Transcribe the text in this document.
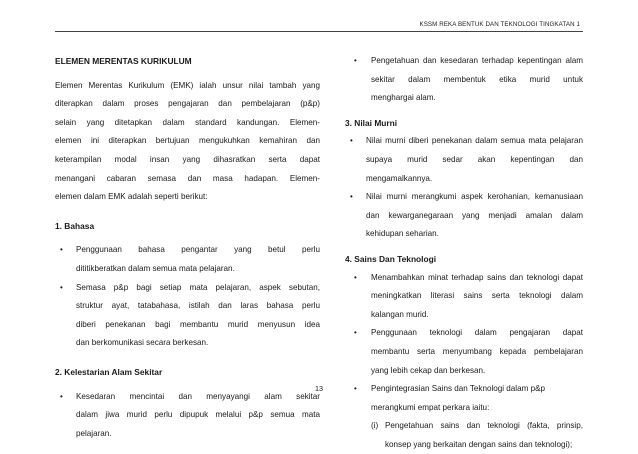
KSSM REKA BENTUK DAN TEKNOLOGI TINGKATAN 1
ELEMEN MERENTAS KURIKULUM
Elemen Merentas Kurikulum (EMK) ialah unsur nilai tambah yang
diterapkan dalam proses pengajaran dan pembelajaran (p&p)
selain yang ditetapkan dalam standard kandungan. Elemen-
elemen ini diterapkan bertujuan mengukuhkan kemahiran dan
keterampilan modal insan yang dihasratkan serta dapat
menangani cabaran semasa dan masa hadapan. Elemen-
elemen dalam EMK adalah seperti berikut:
1. Bahasa
• Penggunaan bahasa pengantar yang betul perlu
dititikberatkan dalam semua mata pelajaran.
• Semasa p&p bagi setiap mata pelajaran, aspek sebutan,
struktur ayat, tatabahasa, istilah dan laras bahasa perlu
diberi penekanan bagi membantu murid menyusun idea
dan berkomunikasi secara berkesan.
2. Kelestarian Alam Sekitar
• Kesedaran mencintai dan menyayangi alam sekitar
dalam jiwa murid perlu dipupuk melalui p&p semua mata
pelajaran.
• Pengetahuan dan kesedaran terhadap kepentingan alam
sekitar dalam membentuk etika murid untuk
menghargai alam.
3. Nilai Murni
• Nilai murni diberi penekanan dalam semua mata pelajaran
supaya murid sedar akan kepentingan dan
mengamalkannya.
• Nilai murni merangkumi aspek kerohanian, kemanusiaan
dan kewarganegaraan yang menjadi amalan dalam
kehidupan seharian.
4. Sains Dan Teknologi
• Menambahkan minat terhadap sains dan teknologi dapat
meningkatkan literasi sains serta teknologi dalam
kalangan murid.
• Penggunaan teknologi dalam pengajaran dapat
membantu serta menyumbang kepada pembelajaran
yang lebih cekap dan berkesan.
• Pengintegrasian Sains dan Teknologi dalam p&p
merangkumi empat perkara iaitu:
(i) Pengetahuan sains dan teknologi (fakta, prinsip,
konsep yang berkaitan dengan sains dan teknologi);
13
